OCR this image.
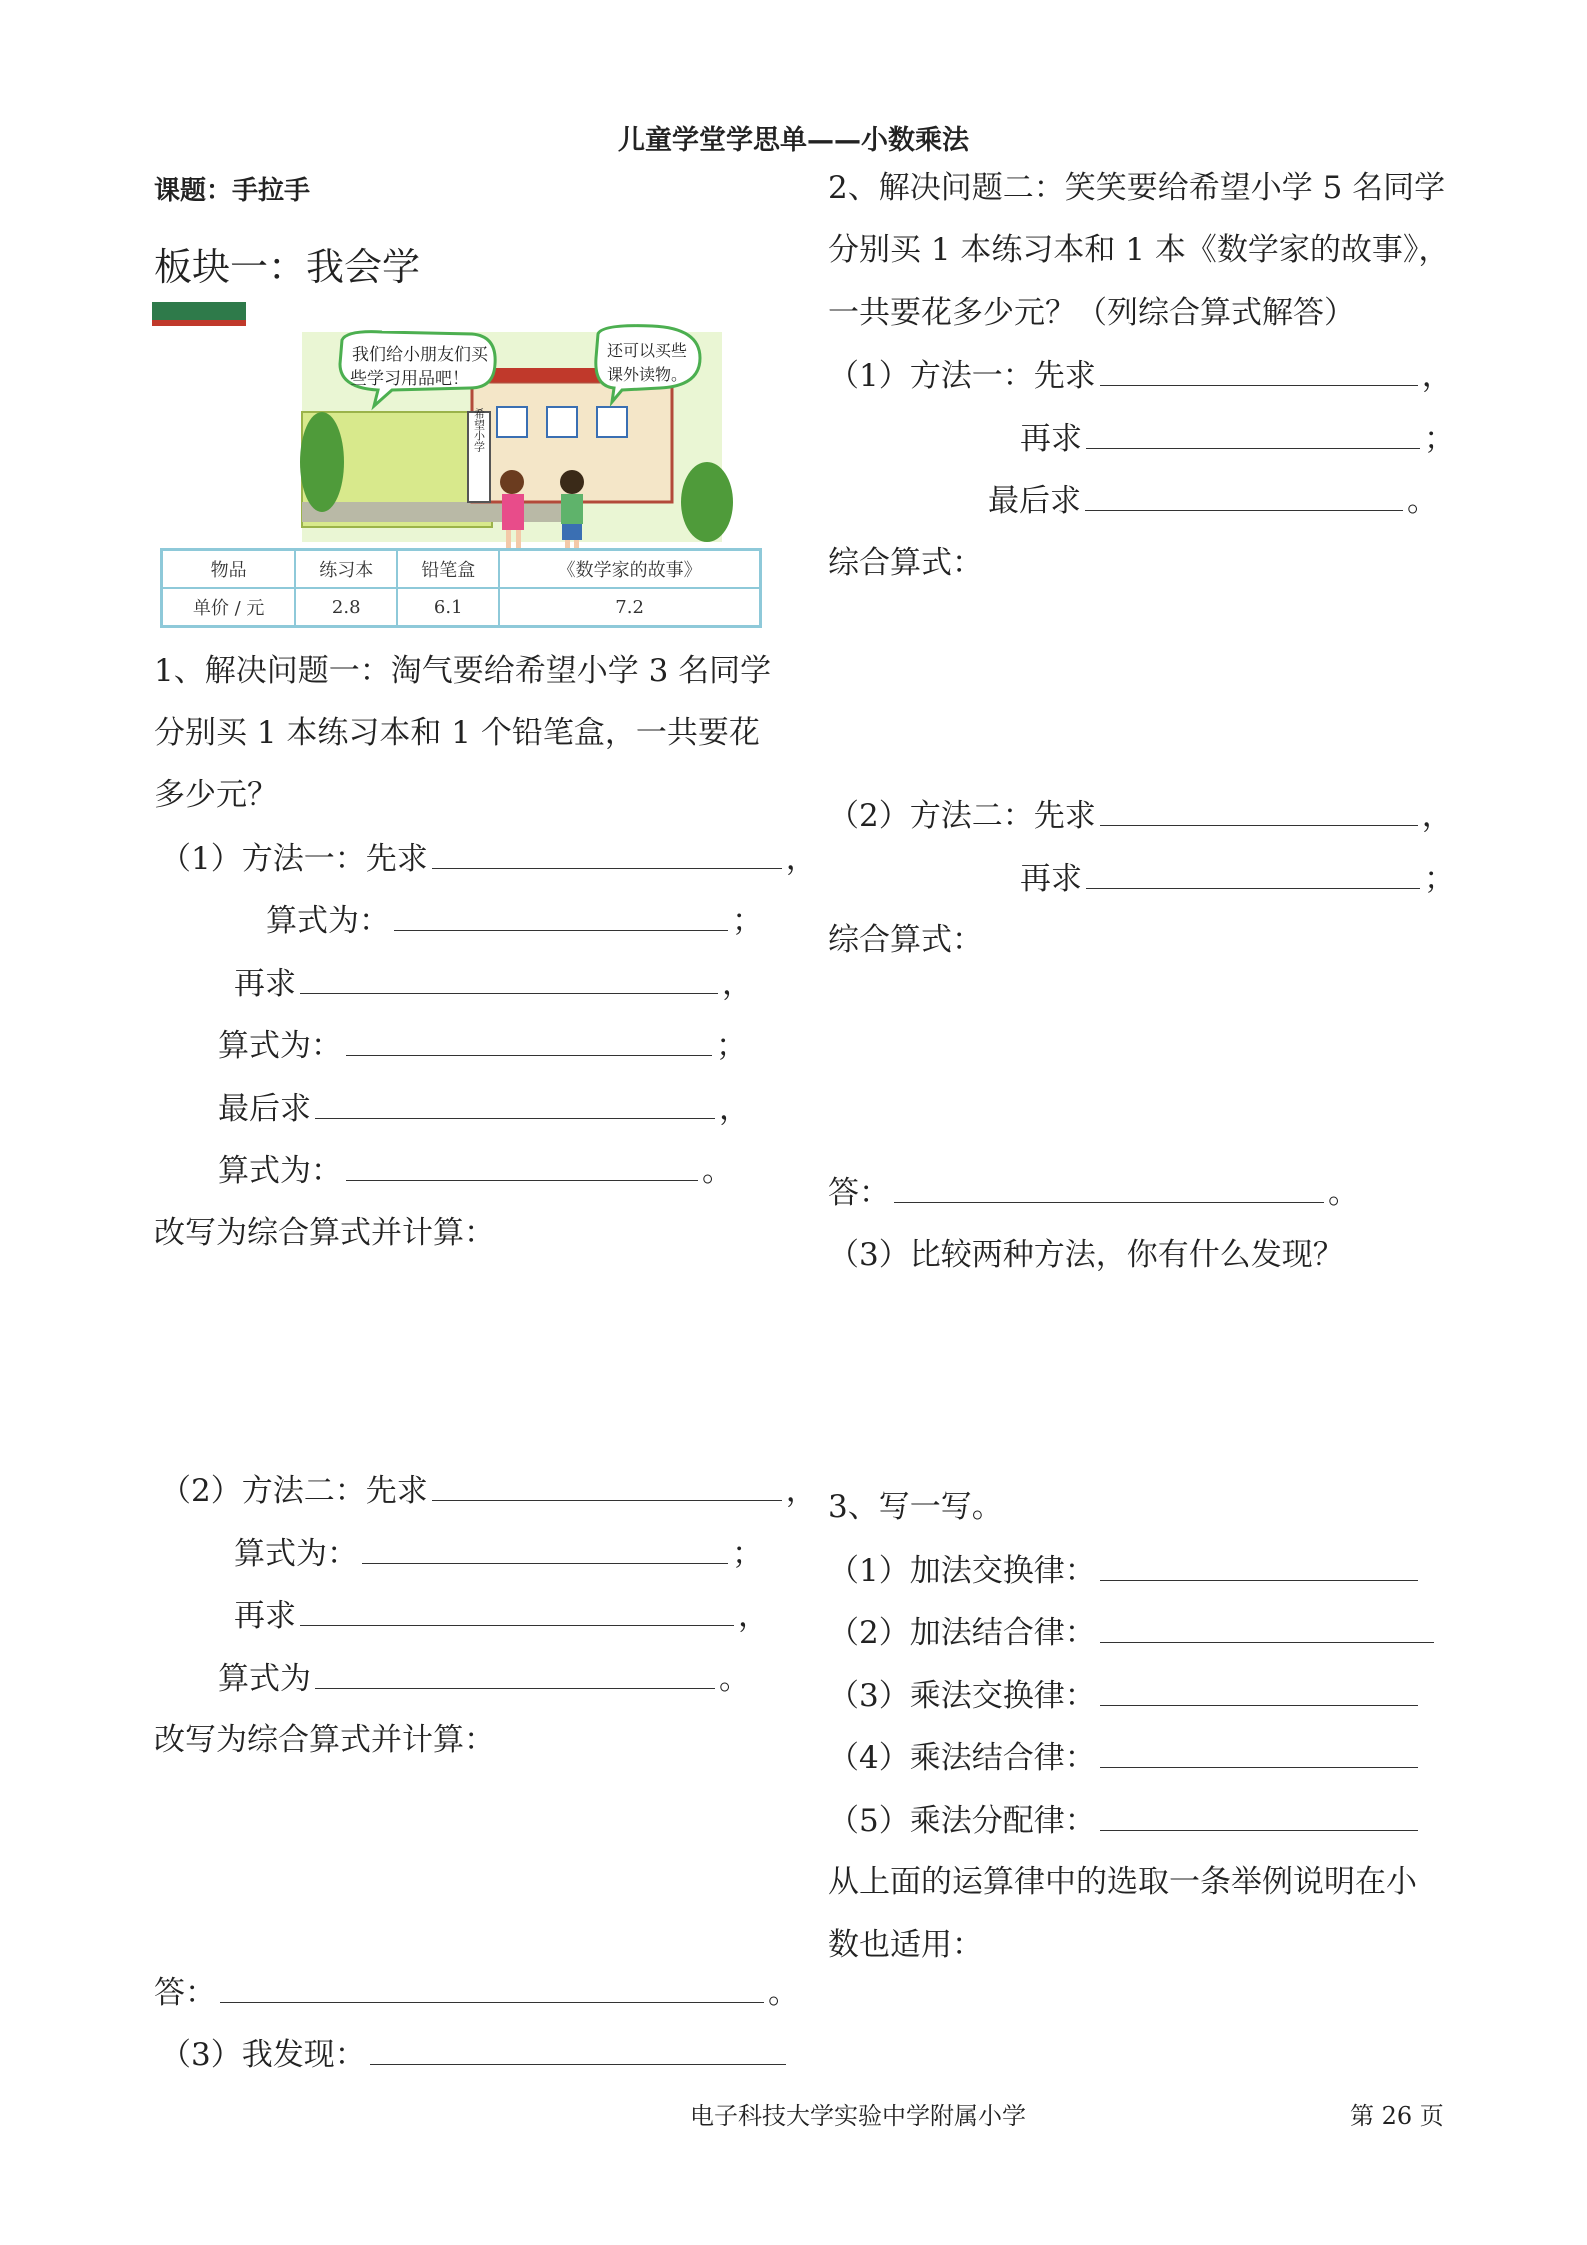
儿童学堂学思单——小数乘法
课题：手拉手
板块一：我会学
希望小学
我们给小朋友们买
些学习用品吧！
还可以买些
课外读物。
物品	练习本	铅笔盒	《数学家的故事》
单价 / 元	2.8	6.1	7.2
1、解决问题一：淘气要给希望小学 3 名同学
分别买 1 本练习本和 1 个铅笔盒，一共要花
多少元？
（1）方法一：先求	，
算式为：	；
再求	，
算式为：	；
最后求	，
算式为：	。
改写为综合算式并计算：
（2）方法二：先求	，
算式为：	；
再求	，
算式为	。
改写为综合算式并计算：
答：	。
（3）我发现：
2、解决问题二：笑笑要给希望小学 5 名同学
分别买 1 本练习本和 1 本《数学家的故事》，
一共要花多少元？（列综合算式解答）
（1）方法一：先求	，
再求	；
最后求	。
综合算式：
（2）方法二：先求	，
再求	；
综合算式：
答：	。
（3）比较两种方法，你有什么发现？
3、写一写。
（1）加法交换律：
（2）加法结合律：
（3）乘法交换律：
（4）乘法结合律：
（5）乘法分配律：
从上面的运算律中的选取一条举例说明在小
数也适用：
电子科技大学实验中学附属小学	第 26 页
